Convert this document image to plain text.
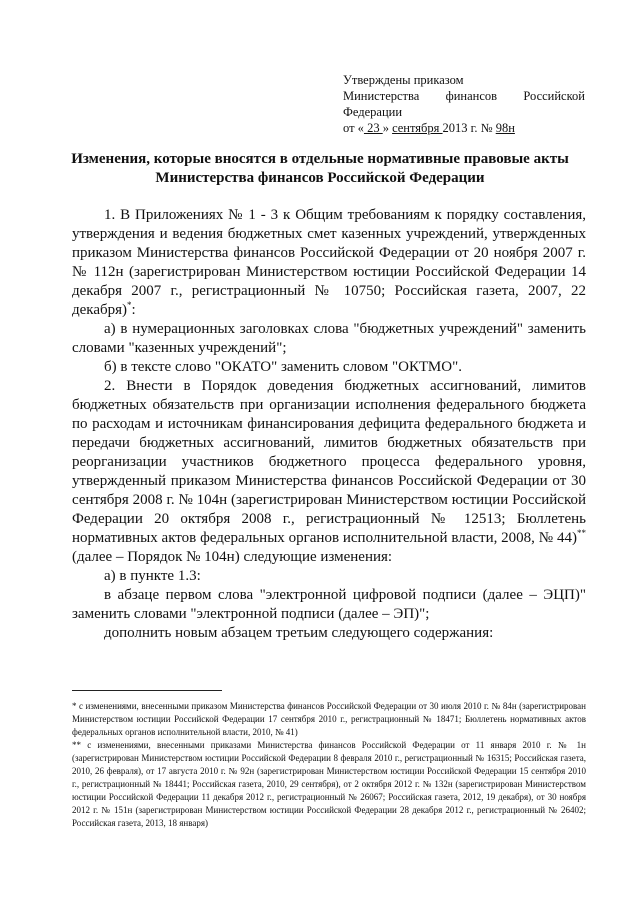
Утверждены приказом
Министерства финансов Российской
Федерации
от « 23 » сентября 2013 г. № 98н
Изменения, которые вносятся в отдельные нормативные правовые акты
Министерства финансов Российской Федерации

1. В Приложениях № 1 - 3 к Общим требованиям к порядку составления, утверждения и ведения бюджетных смет казенных учреждений, утвержденных приказом Министерства финансов Российской Федерации от 20 ноября 2007 г. № 112н (зарегистрирован Министерством юстиции Российской Федерации 14 декабря 2007 г., регистрационный № 10750; Российская газета, 2007, 22 декабря)*:

а) в нумерационных заголовках слова "бюджетных учреждений" заменить словами "казенных учреждений";

б) в тексте слово "ОКАТО" заменить словом "ОКТМО".

2. Внести в Порядок доведения бюджетных ассигнований, лимитов бюджетных обязательств при организации исполнения федерального бюджета по расходам и источникам финансирования дефицита федерального бюджета и передачи бюджетных ассигнований, лимитов бюджетных обязательств при реорганизации участников бюджетного процесса федерального уровня, утвержденный приказом Министерства финансов Российской Федерации от 30 сентября 2008 г. № 104н (зарегистрирован Министерством юстиции Российской Федерации 20 октября 2008 г., регистрационный № 12513; Бюллетень нормативных актов федеральных органов исполнительной власти, 2008, № 44)** (далее – Порядок № 104н) следующие изменения:

а) в пункте 1.3:

в абзаце первом слова "электронной цифровой подписи (далее – ЭЦП)" заменить словами "электронной подписи (далее – ЭП)";

дополнить новым абзацем третьим следующего содержания:

* с изменениями, внесенными приказом Министерства финансов Российской Федерации от 30 июля 2010 г. № 84н (зарегистрирован Министерством юстиции Российской Федерации 17 сентября 2010 г., регистрационный № 18471; Бюллетень нормативных актов федеральных органов исполнительной власти, 2010, № 41)

** с изменениями, внесенными приказами Министерства финансов Российской Федерации от 11 января 2010 г. № 1н (зарегистрирован Министерством юстиции Российской Федерации 8 февраля 2010 г., регистрационный № 16315; Российская газета, 2010, 26 февраля), от 17 августа 2010 г. № 92н (зарегистрирован Министерством юстиции Российской Федерации 15 сентября 2010 г., регистрационный № 18441; Российская газета, 2010, 29 сентября), от 2 октября 2012 г. № 132н (зарегистрирован Министерством юстиции Российской Федерации 11 декабря 2012 г., регистрационный № 26067; Российская газета, 2012, 19 декабря), от 30 ноября 2012 г. № 151н (зарегистрирован Министерством юстиции Российской Федерации 28 декабря 2012 г., регистрационный № 26402; Российская газета, 2013, 18 января)
